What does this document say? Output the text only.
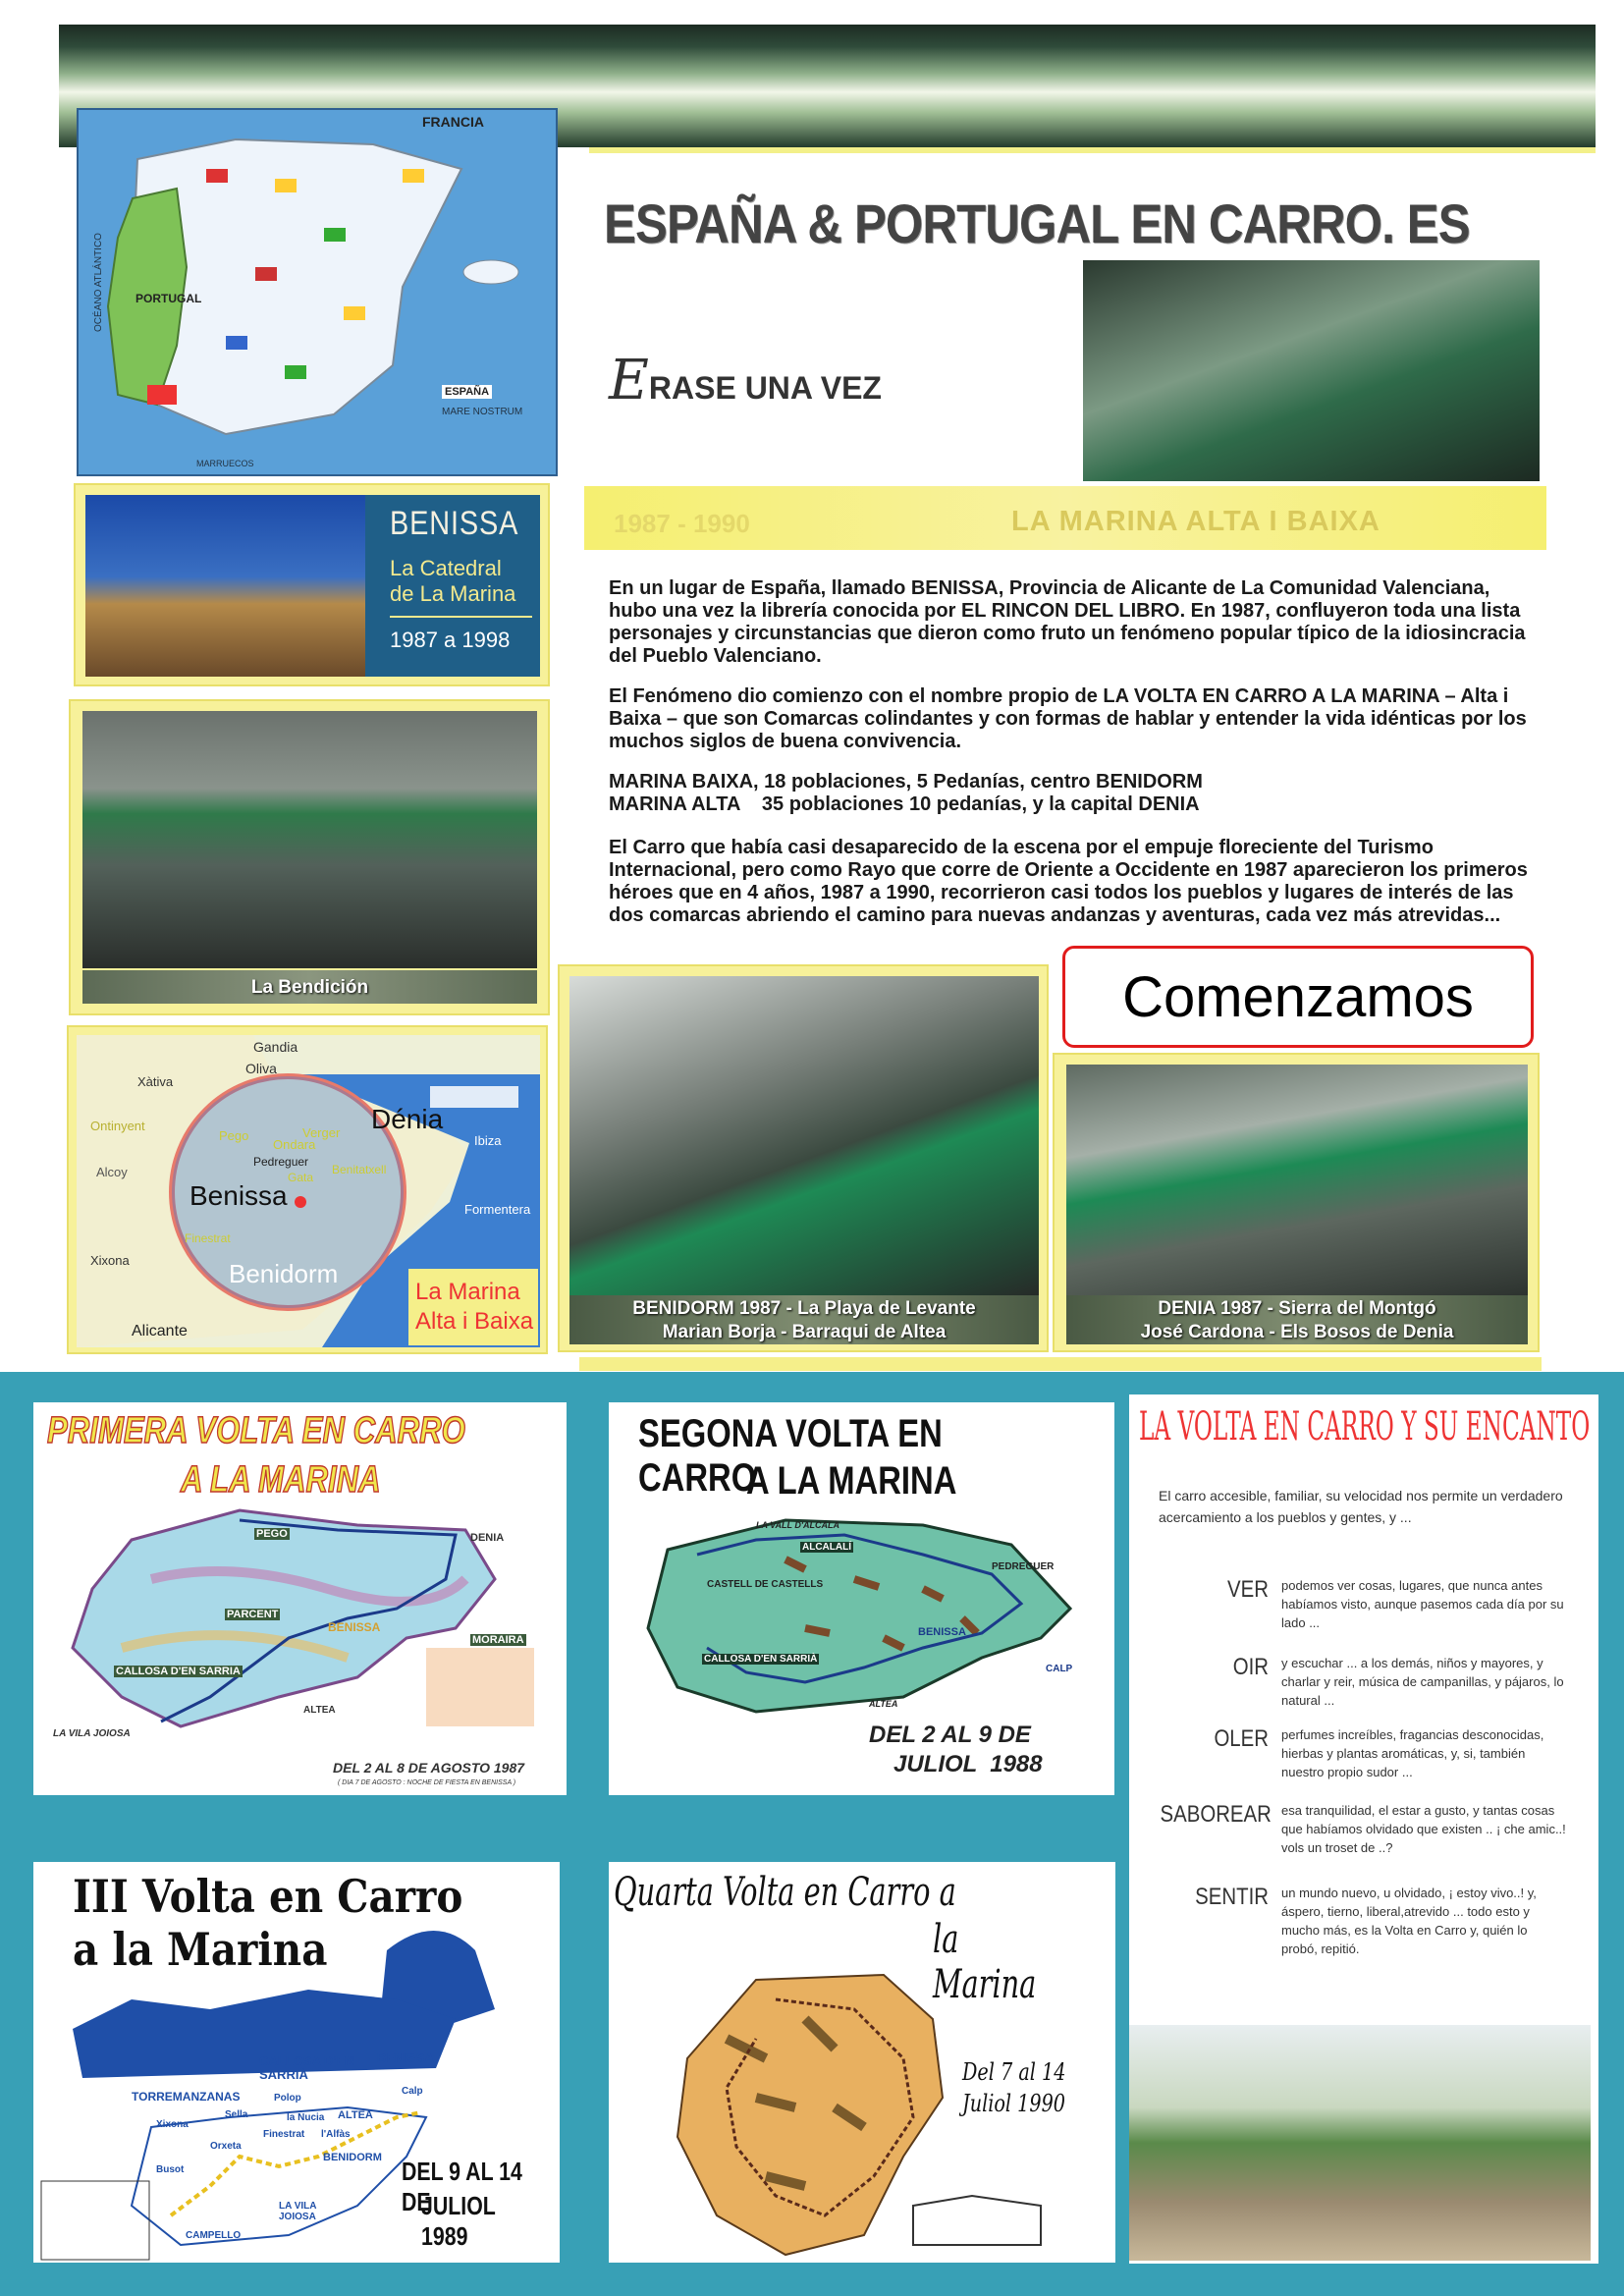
FRANCIA
PORTUGAL
OCÉANO ATLÁNTICO
ESPAÑA
MARE NOSTRUM
MARRUECOS
ESPAÑA & PORTUGAL EN CARRO. ES
ERASE UNA VEZ
BENISSA
La Catedral
de La Marina
1987 a 1998
La Bendición
Gandia
Oliva
Xàtiva
Ontinyent
Pego
Ondara
Verger Dénia
Pedreguer
Gata
Benitatxell
Benissa
Alcoy
Finestrat
Xixona	Benidorm
Alicante
Ibiza
Formentera
La Marina
Alta i Baixa
1987 - 1990	LA MARINA ALTA I BAIXA
En un lugar de España, llamado BENISSA, Provincia de Alicante de La Comunidad Valenciana, hubo una vez la librería conocida por EL RINCON DEL LIBRO. En 1987, confluyeron toda una lista personajes y circunstancias que dieron como fruto un fenómeno popular típico de la idiosincracia del Pueblo Valenciano.
El Fenómeno dio comienzo con el nombre propio de LA VOLTA EN CARRO A LA MARINA – Alta i Baixa – que son Comarcas colindantes y con formas de hablar y entender la vida idénticas por los muchos siglos de buena convivencia.
MARINA BAIXA, 18 poblaciones, 5 Pedanías, centro BENIDORM
MARINA ALTA    35 poblaciones 10 pedanías, y la capital DENIA
El Carro que había casi desaparecido de la escena por el empuje floreciente del Turismo Internacional, pero como Rayo que corre de Oriente a Occidente en 1987 aparecieron los primeros héroes que en 4 años, 1987 a 1990, recorrieron casi todos los pueblos y lugares de interés de las dos comarcas abriendo el camino para nuevas andanzas y aventuras, cada vez más atrevidas...
Comenzamos
BENIDORM 1987 - La Playa de Levante
Marian Borja - Barraqui de Altea
DENIA 1987 - Sierra del Montgó
José Cardona - Els Bosos de Denia
PRIMERA VOLTA EN CARRO
A LA MARINA
PEGO	DENIA
PARCENT
BENISSA
MORAIRA
CALLOSA D'EN SARRIA
ALTEA
LA VILA JOIOSA
DEL 2 AL 8 DE AGOSTO 1987
( DIA 7 DE AGOSTO : NOCHE DE FIESTA EN BENISSA )
SEGONA VOLTA EN CARRO
A LA MARINA
LA VALL D'ALCALA
ALCALALÍ
CASTELL DE CASTELLS
PEDREGUER
BENISSA
CALLOSA D'EN SARRIÀ
ALTEA
CALP
DEL 2 AL 9 DE
JULIOL  1988
III Volta en Carro
a la Marina
CALLOSA D'EN SARRIÀ
BENISSA
TORREMANZANAS	Polop
Sella	la Nucia ALTEA
Calp
Xixona
Orxeta
Finestrat l'Alfàs
BENIDORM
Busot
LA VILA JOIOSA
CAMPELLO
DEL 9 AL 14 DE
JULIOL 1989
Quarta Volta en Carro a
la Marina
Del 7 al 14
Juliol 1990
LA VOLTA EN CARRO Y SU ENCANTO
El carro accesible, familiar, su velocidad nos permite un verdadero acercamiento a los pueblos y gentes, y ...
VER podemos ver cosas, lugares, que nunca antes habíamos visto, aunque pasemos cada día por su lado ...
OIR y escuchar ... a los demás, niños y mayores, y charlar y reir, música de campanillas, y pájaros, lo natural ...
OLER perfumes increíbles, fragancias desconocidas, hierbas y plantas aromáticas, y, si, también nuestro propio sudor ...
SABOREAR esa tranquilidad, el estar a gusto, y tantas cosas que habíamos olvidado que existen .. ¡ che amic..! vols un troset de ..?
SENTIR un mundo nuevo, u olvidado, ¡ estoy vivo..! y, áspero, tierno, liberal,atrevido ... todo esto y mucho más, es la Volta en Carro y, quién lo probó, repitió.
